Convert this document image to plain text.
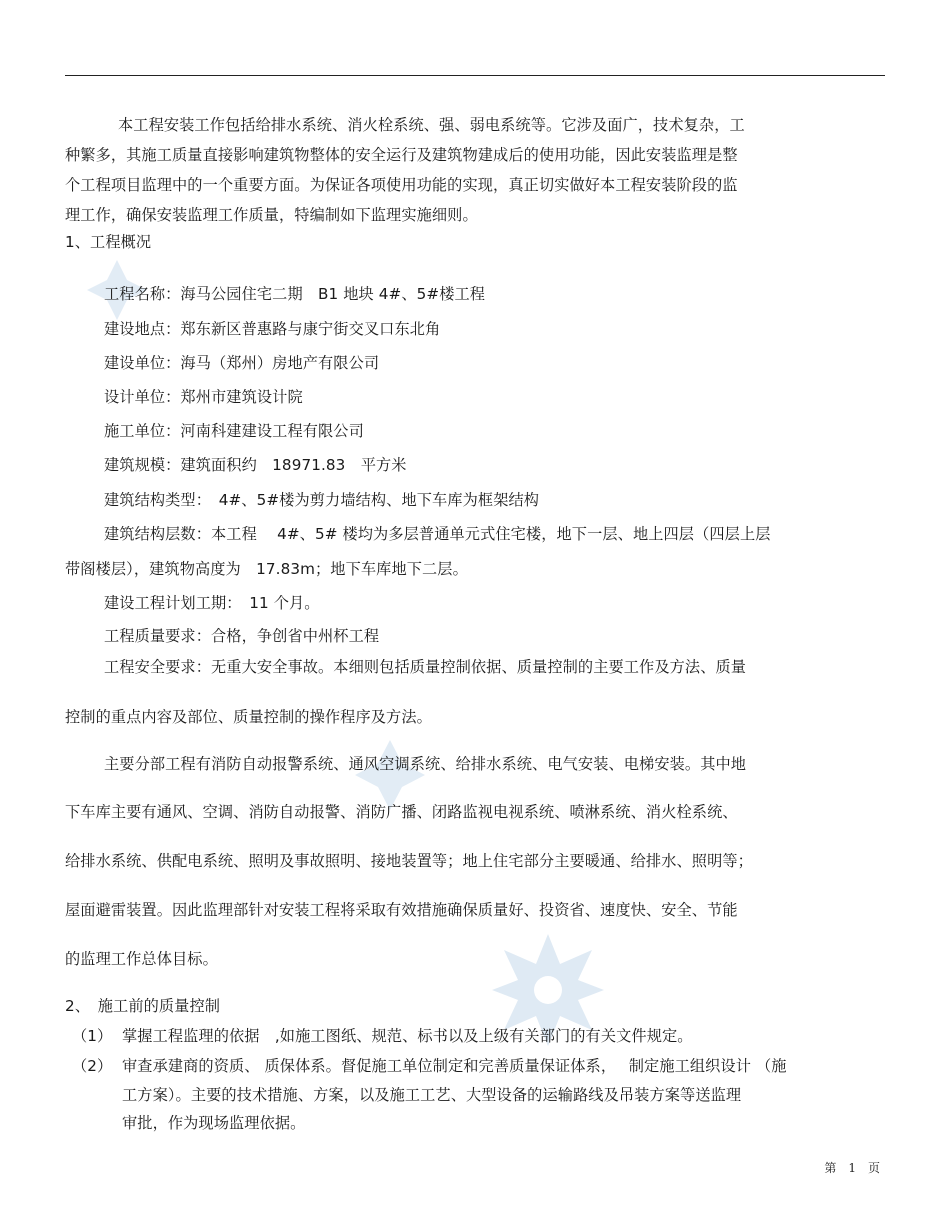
本工程安装工作包括给排水系统、消火栓系统、强、弱电系统等。它涉及面广，技术复杂，工
种繁多，其施工质量直接影响建筑物整体的安全运行及建筑物建成后的使用功能，因此安装监理是整
个工程项目监理中的一个重要方面。为保证各项使用功能的实现，真正切实做好本工程安装阶段的监
理工作，确保安装监理工作质量，特编制如下监理实施细则。
1、工程概况
工程名称：海马公园住宅二期　B1 地块 4#、5#楼工程
建设地点：郑东新区普惠路与康宁街交叉口东北角
建设单位：海马（郑州）房地产有限公司
设计单位：郑州市建筑设计院
施工单位：河南科建建设工程有限公司
建筑规模：建筑面积约　18971.83　平方米
建筑结构类型：　4#、5#楼为剪力墙结构、地下车库为框架结构
建筑结构层数：本工程　 4#、5# 楼均为多层普通单元式住宅楼，地下一层、地上四层（四层上层
带阁楼层），建筑物高度为　17.83m；地下车库地下二层。
建设工程计划工期：　11 个月。
工程质量要求：合格，争创省中州杯工程
工程安全要求：无重大安全事故。本细则包括质量控制依据、质量控制的主要工作及方法、质量
控制的重点内容及部位、质量控制的操作程序及方法。
主要分部工程有消防自动报警系统、通风空调系统、给排水系统、电气安装、电梯安装。其中地
下车库主要有通风、空调、消防自动报警、消防广播、闭路监视电视系统、喷淋系统、消火栓系统、
给排水系统、供配电系统、照明及事故照明、接地装置等；地上住宅部分主要暖通、给排水、照明等；
屋面避雷装置。因此监理部针对安装工程将采取有效措施确保质量好、投资省、速度快、安全、节能
的监理工作总体目标。
2、　施工前的质量控制
（1） 掌握工程监理的依据　,如施工图纸、规范、标书以及上级有关部门的有关文件规定。
（2） 审查承建商的资质、 质保体系。督促施工单位制定和完善质量保证体系，　 制定施工组织设计 （施
工方案）。主要的技术措施、方案，以及施工工艺、大型设备的运输路线及吊装方案等送监理
审批，作为现场监理依据。
第　1　页
